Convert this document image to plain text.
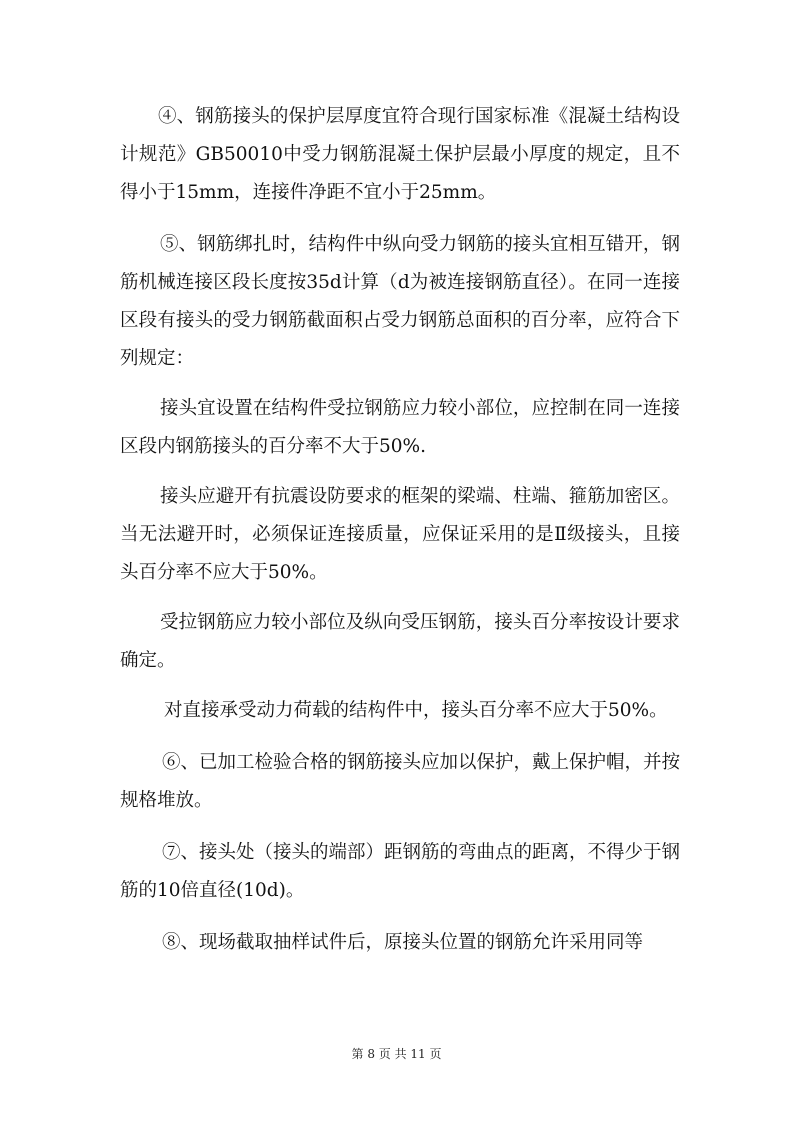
④、钢筋接头的保护层厚度宜符合现行国家标准《混凝土结构设计规范》GB50010中受力钢筋混凝土保护层最小厚度的规定，且不得小于15mm，连接件净距不宜小于25mm。

⑤、钢筋绑扎时，结构件中纵向受力钢筋的接头宜相互错开，钢筋机械连接区段长度按35d计算（d为被连接钢筋直径）。在同一连接区段有接头的受力钢筋截面积占受力钢筋总面积的百分率，应符合下列规定：

接头宜设置在结构件受拉钢筋应力较小部位，应控制在同一连接区段内钢筋接头的百分率不大于50%.

接头应避开有抗震设防要求的框架的梁端、柱端、箍筋加密区。当无法避开时，必须保证连接质量，应保证采用的是Ⅱ级接头，且接头百分率不应大于50%。

受拉钢筋应力较小部位及纵向受压钢筋，接头百分率按设计要求确定。

对直接承受动力荷载的结构件中，接头百分率不应大于50%。

⑥、已加工检验合格的钢筋接头应加以保护，戴上保护帽，并按规格堆放。

⑦、接头处（接头的端部）距钢筋的弯曲点的距离，不得少于钢筋的10倍直径(10d)。

⑧、现场截取抽样试件后，原接头位置的钢筋允许采用同等

第 8 页 共 11 页
